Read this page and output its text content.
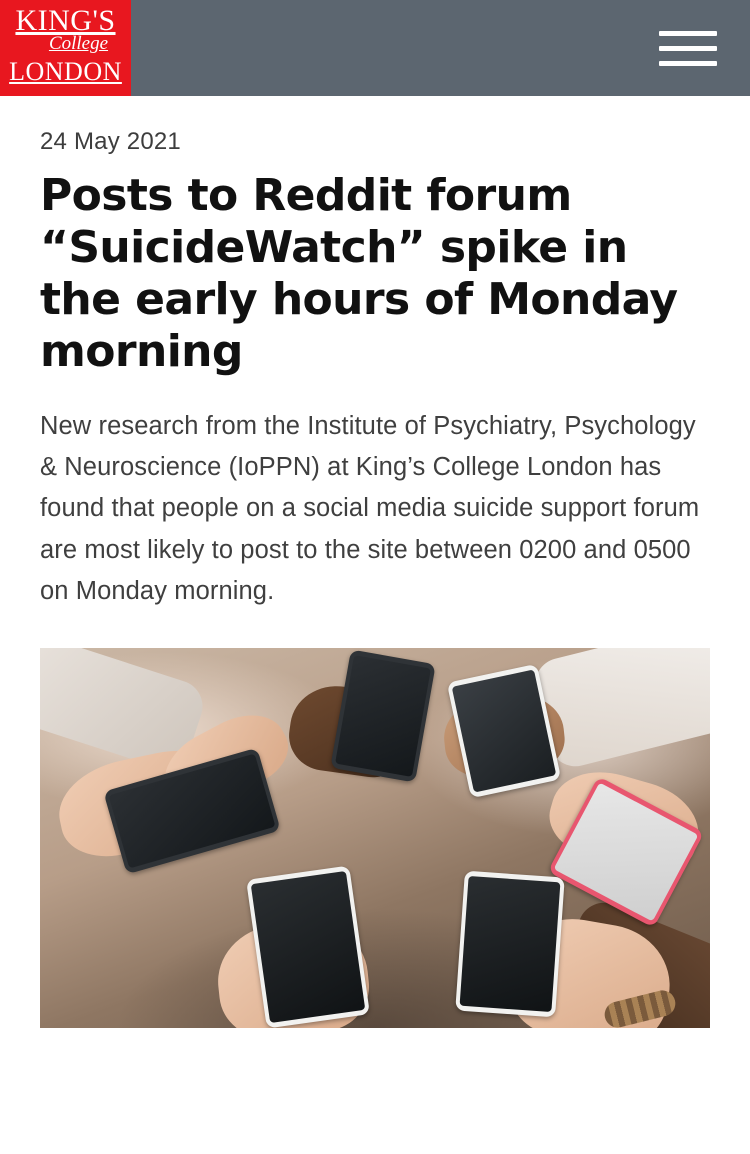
KING'S
College
LONDON
24 May 2021
Posts to Reddit forum “SuicideWatch” spike in the early hours of Monday morning

New research from the Institute of Psychiatry, Psychology & Neuroscience (IoPPN) at King’s College London has found that people on a social media suicide support forum are most likely to post to the site between 0200 and 0500 on Monday morning.
